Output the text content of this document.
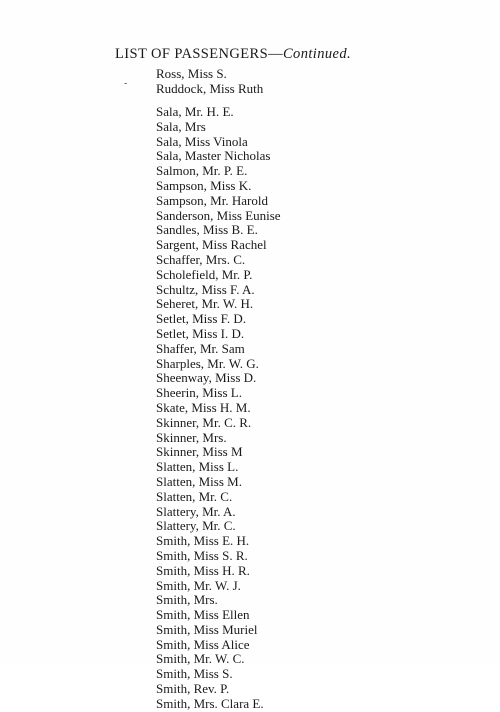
LIST OF PASSENGERS—Continued.
-
Ross, Miss S.
Ruddock, Miss Ruth
Sala, Mr. H. E.
Sala, Mrs
Sala, Miss Vinola
Sala, Master Nicholas
Salmon, Mr. P. E.
Sampson, Miss K.
Sampson, Mr. Harold
Sanderson, Miss Eunise
Sandles, Miss B. E.
Sargent, Miss Rachel
Schaffer, Mrs. C.
Scholefield, Mr. P.
Schultz, Miss F. A.
Seheret, Mr. W. H.
Setlet, Miss F. D.
Setlet, Miss I. D.
Shaffer, Mr. Sam
Sharples, Mr. W. G.
Sheenway, Miss D.
Sheerin, Miss L.
Skate, Miss H. M.
Skinner, Mr. C. R.
Skinner, Mrs.
Skinner, Miss M
Slatten, Miss L.
Slatten, Miss M.
Slatten, Mr. C.
Slattery, Mr. A.
Slattery, Mr. C.
Smith, Miss E. H.
Smith, Miss S. R.
Smith, Miss H. R.
Smith, Mr. W. J.
Smith, Mrs.
Smith, Miss Ellen
Smith, Miss Muriel
Smith, Miss Alice
Smith, Mr. W. C.
Smith, Miss S.
Smith, Rev. P.
Smith, Mrs. Clara E.
